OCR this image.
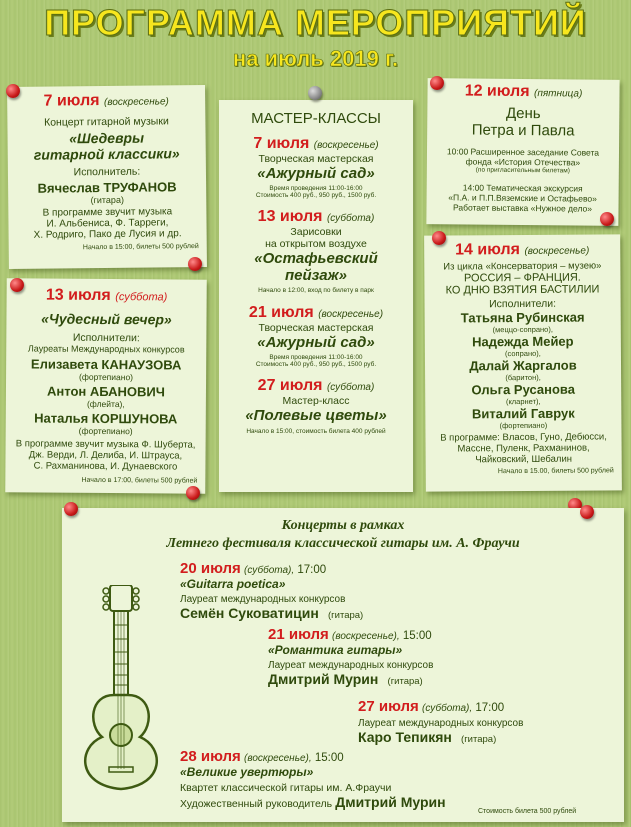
ПРОГРАММА МЕРОПРИЯТИЙ
на июль 2019 г.
7 июля (воскресенье)
Концерт гитарной музыки
«Шедевры
гитарной классики»
Исполнитель:
Вячеслав ТРУФАНОВ
(гитара)
В программе звучит музыка
И. Альбениса, Ф. Тарреги,
Х. Родриго, Пако де Лусия и др.
Начало в 15:00, билеты 500 рублей
13 июля (суббота)
«Чудесный вечер»
Исполнители:
Лауреаты Международных конкурсов
Елизавета КАНАУЗОВА
(фортепиано)
Антон АБАНОВИЧ
(флейта),
Наталья КОРШУНОВА
(фортепиано)
В программе звучит музыка Ф. Шуберта,
Дж. Верди, Л. Делиба, И. Штрауса,
С. Рахманинова, И. Дунаевского
Начало в 17:00, билеты 500 рублей
МАСТЕР-КЛАССЫ
7 июля (воскресенье)
Творческая мастерская
«Ажурный сад»
Время проведения 11:00-16:00
Стоимость 400 руб., 950 руб., 1500 руб.
13 июля (суббота)
Зарисовки
на открытом воздухе
«Остафьевский
пейзаж»
Начало в 12:00, вход по билету в парк
21 июля (воскресенье)
Творческая мастерская
«Ажурный сад»
Время проведения 11:00-16:00
Стоимость 400 руб., 950 руб., 1500 руб.
27 июля (суббота)
Мастер-класс
«Полевые цветы»
Начало в 15:00, стоимость билета 400 рублей
12 июля (пятница)
День
Петра и Павла
10:00 Расширенное заседание Совета
фонда «История Отечества»
(по пригласительным билетам)
14:00 Тематическая экскурсия
«П.А. и П.П.Вяземские и Остафьево»
Работает выставка «Нужное дело»
14 июля (воскресенье)
Из цикла «Консерватория – музею»
РОССИЯ – ФРАНЦИЯ.
КО ДНЮ ВЗЯТИЯ БАСТИЛИИ
Исполнители:
Татьяна Рубинская
(меццо-сопрано),
Надежда Мейер
(сопрано),
Далай Жаргалов
(баритон),
Ольга Русанова
(кларнет),
Виталий Гаврук
(фортепиано)
В программе: Власов, Гуно, Дебюсси,
Массне, Пуленк, Рахманинов,
Чайковский, Шебалин
Начало в 15.00, билеты 500 рублей
Концерты в рамках
Летнего фестиваля классической гитары им. А. Фраучи
20 июля (суббота), 17:00
«Guitarra poetica»
Лауреат международных конкурсов
Семён Суковатицин (гитара)
21 июля (воскресенье), 15:00
«Романтика гитары»
Лауреат международных конкурсов
Дмитрий Мурин (гитара)
27 июля (суббота), 17:00
Лауреат международных конкурсов
Каро Тепикян (гитара)
28 июля (воскресенье), 15:00
«Великие увертюры»
Квартет классической гитары им. А.Фраучи
Художественный руководитель Дмитрий Мурин
Стоимость билета 500 рублей
